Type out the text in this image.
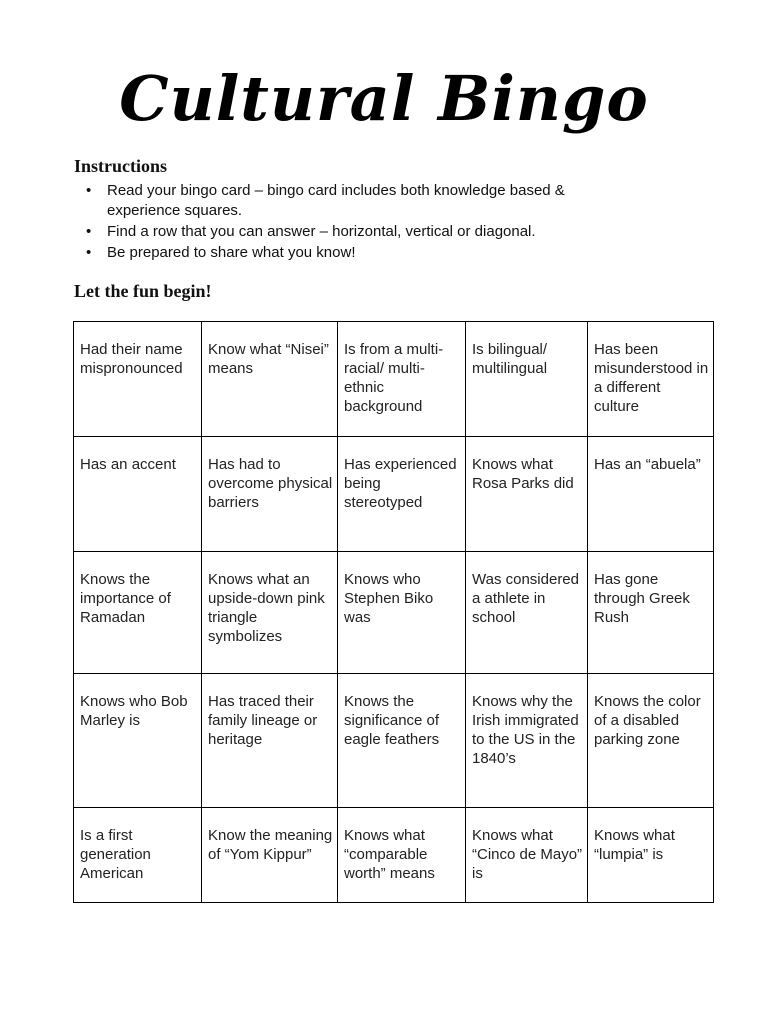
Cultural Bingo
Instructions
• Read your bingo card – bingo card includes both knowledge based & experience squares.
• Find a row that you can answer – horizontal, vertical or diagonal.
• Be prepared to share what you know!
Let the fun begin!
Had their name mispronounced	Know what “Nisei” means	Is from a multi-racial/ multi-ethnic background	Is bilingual/ multilingual	Has been misunderstood in a different culture
Has an accent	Has had to overcome physical barriers	Has experienced being stereotyped	Knows what Rosa Parks did	Has an “abuela”
Knows the importance of Ramadan	Knows what an upside-down pink triangle symbolizes	Knows who Stephen Biko was	Was considered a athlete in school	Has gone through Greek Rush
Knows who Bob Marley is	Has traced their family lineage or heritage	Knows the significance of eagle feathers	Knows why the Irish immigrated to the US in the 1840’s	Knows the color of a disabled parking zone
Is a first generation American	Know the meaning of “Yom Kippur”	Knows what “comparable worth” means	Knows what “Cinco de Mayo” is	Knows what “lumpia” is
